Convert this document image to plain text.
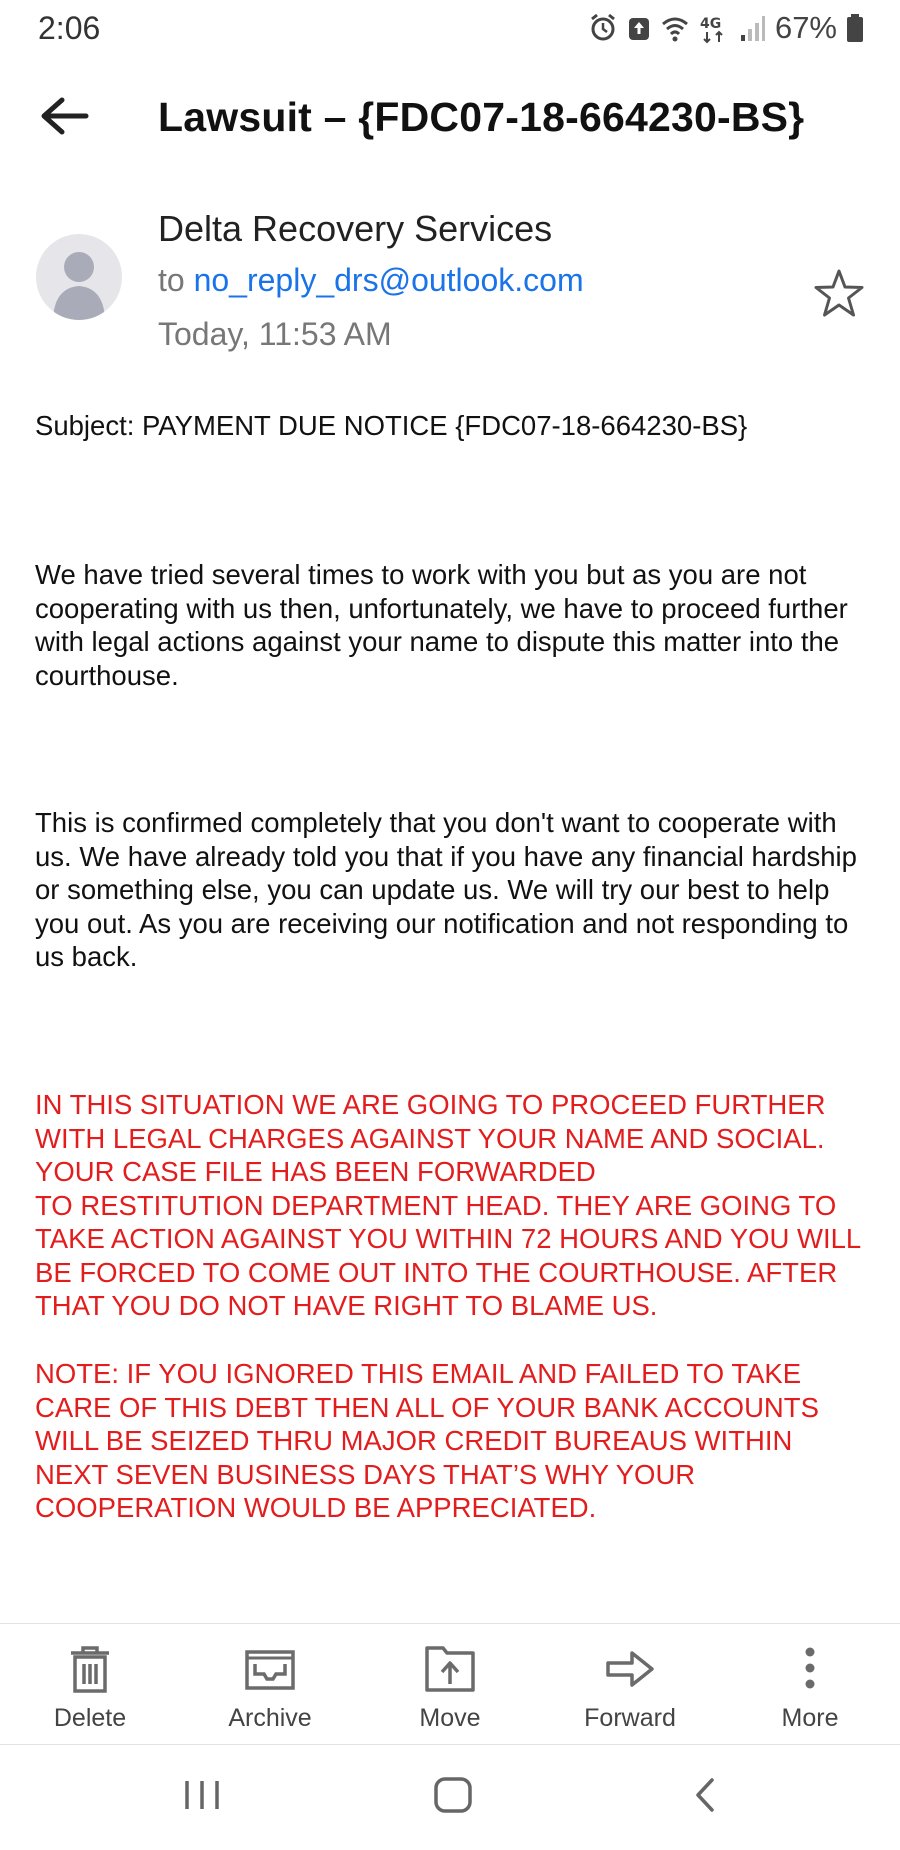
2:06	4G 67%
Lawsuit – {FDC07-18-664230-BS}
Delta Recovery Services
to no_reply_drs@outlook.com
Today, 11:53 AM
Subject: PAYMENT DUE NOTICE {FDC07-18-664230-BS}
We have tried several times to work with you but as you are not cooperating with us then, unfortunately, we have to proceed further with legal actions against your name to dispute this matter into the courthouse.
This is confirmed completely that you don't want to cooperate with us. We have already told you that if you have any financial hardship or something else, you can update us. We will try our best to help you out. As you are receiving our notification and not responding to us back.
IN THIS SITUATION WE ARE GOING TO PROCEED FURTHER WITH LEGAL CHARGES AGAINST YOUR NAME AND SOCIAL. YOUR CASE FILE HAS BEEN FORWARDED
TO RESTITUTION DEPARTMENT HEAD. THEY ARE GOING TO TAKE ACTION AGAINST YOU WITHIN 72 HOURS AND YOU WILL BE FORCED TO COME OUT INTO THE COURTHOUSE. AFTER THAT YOU DO NOT HAVE RIGHT TO BLAME US.
NOTE: IF YOU IGNORED THIS EMAIL AND FAILED TO TAKE CARE OF THIS DEBT THEN ALL OF YOUR BANK ACCOUNTS WILL BE SEIZED THRU MAJOR CREDIT BUREAUS WITHIN NEXT SEVEN BUSINESS DAYS THAT’S WHY YOUR COOPERATION WOULD BE APPRECIATED.
Delete	Archive	Move	Forward	More
